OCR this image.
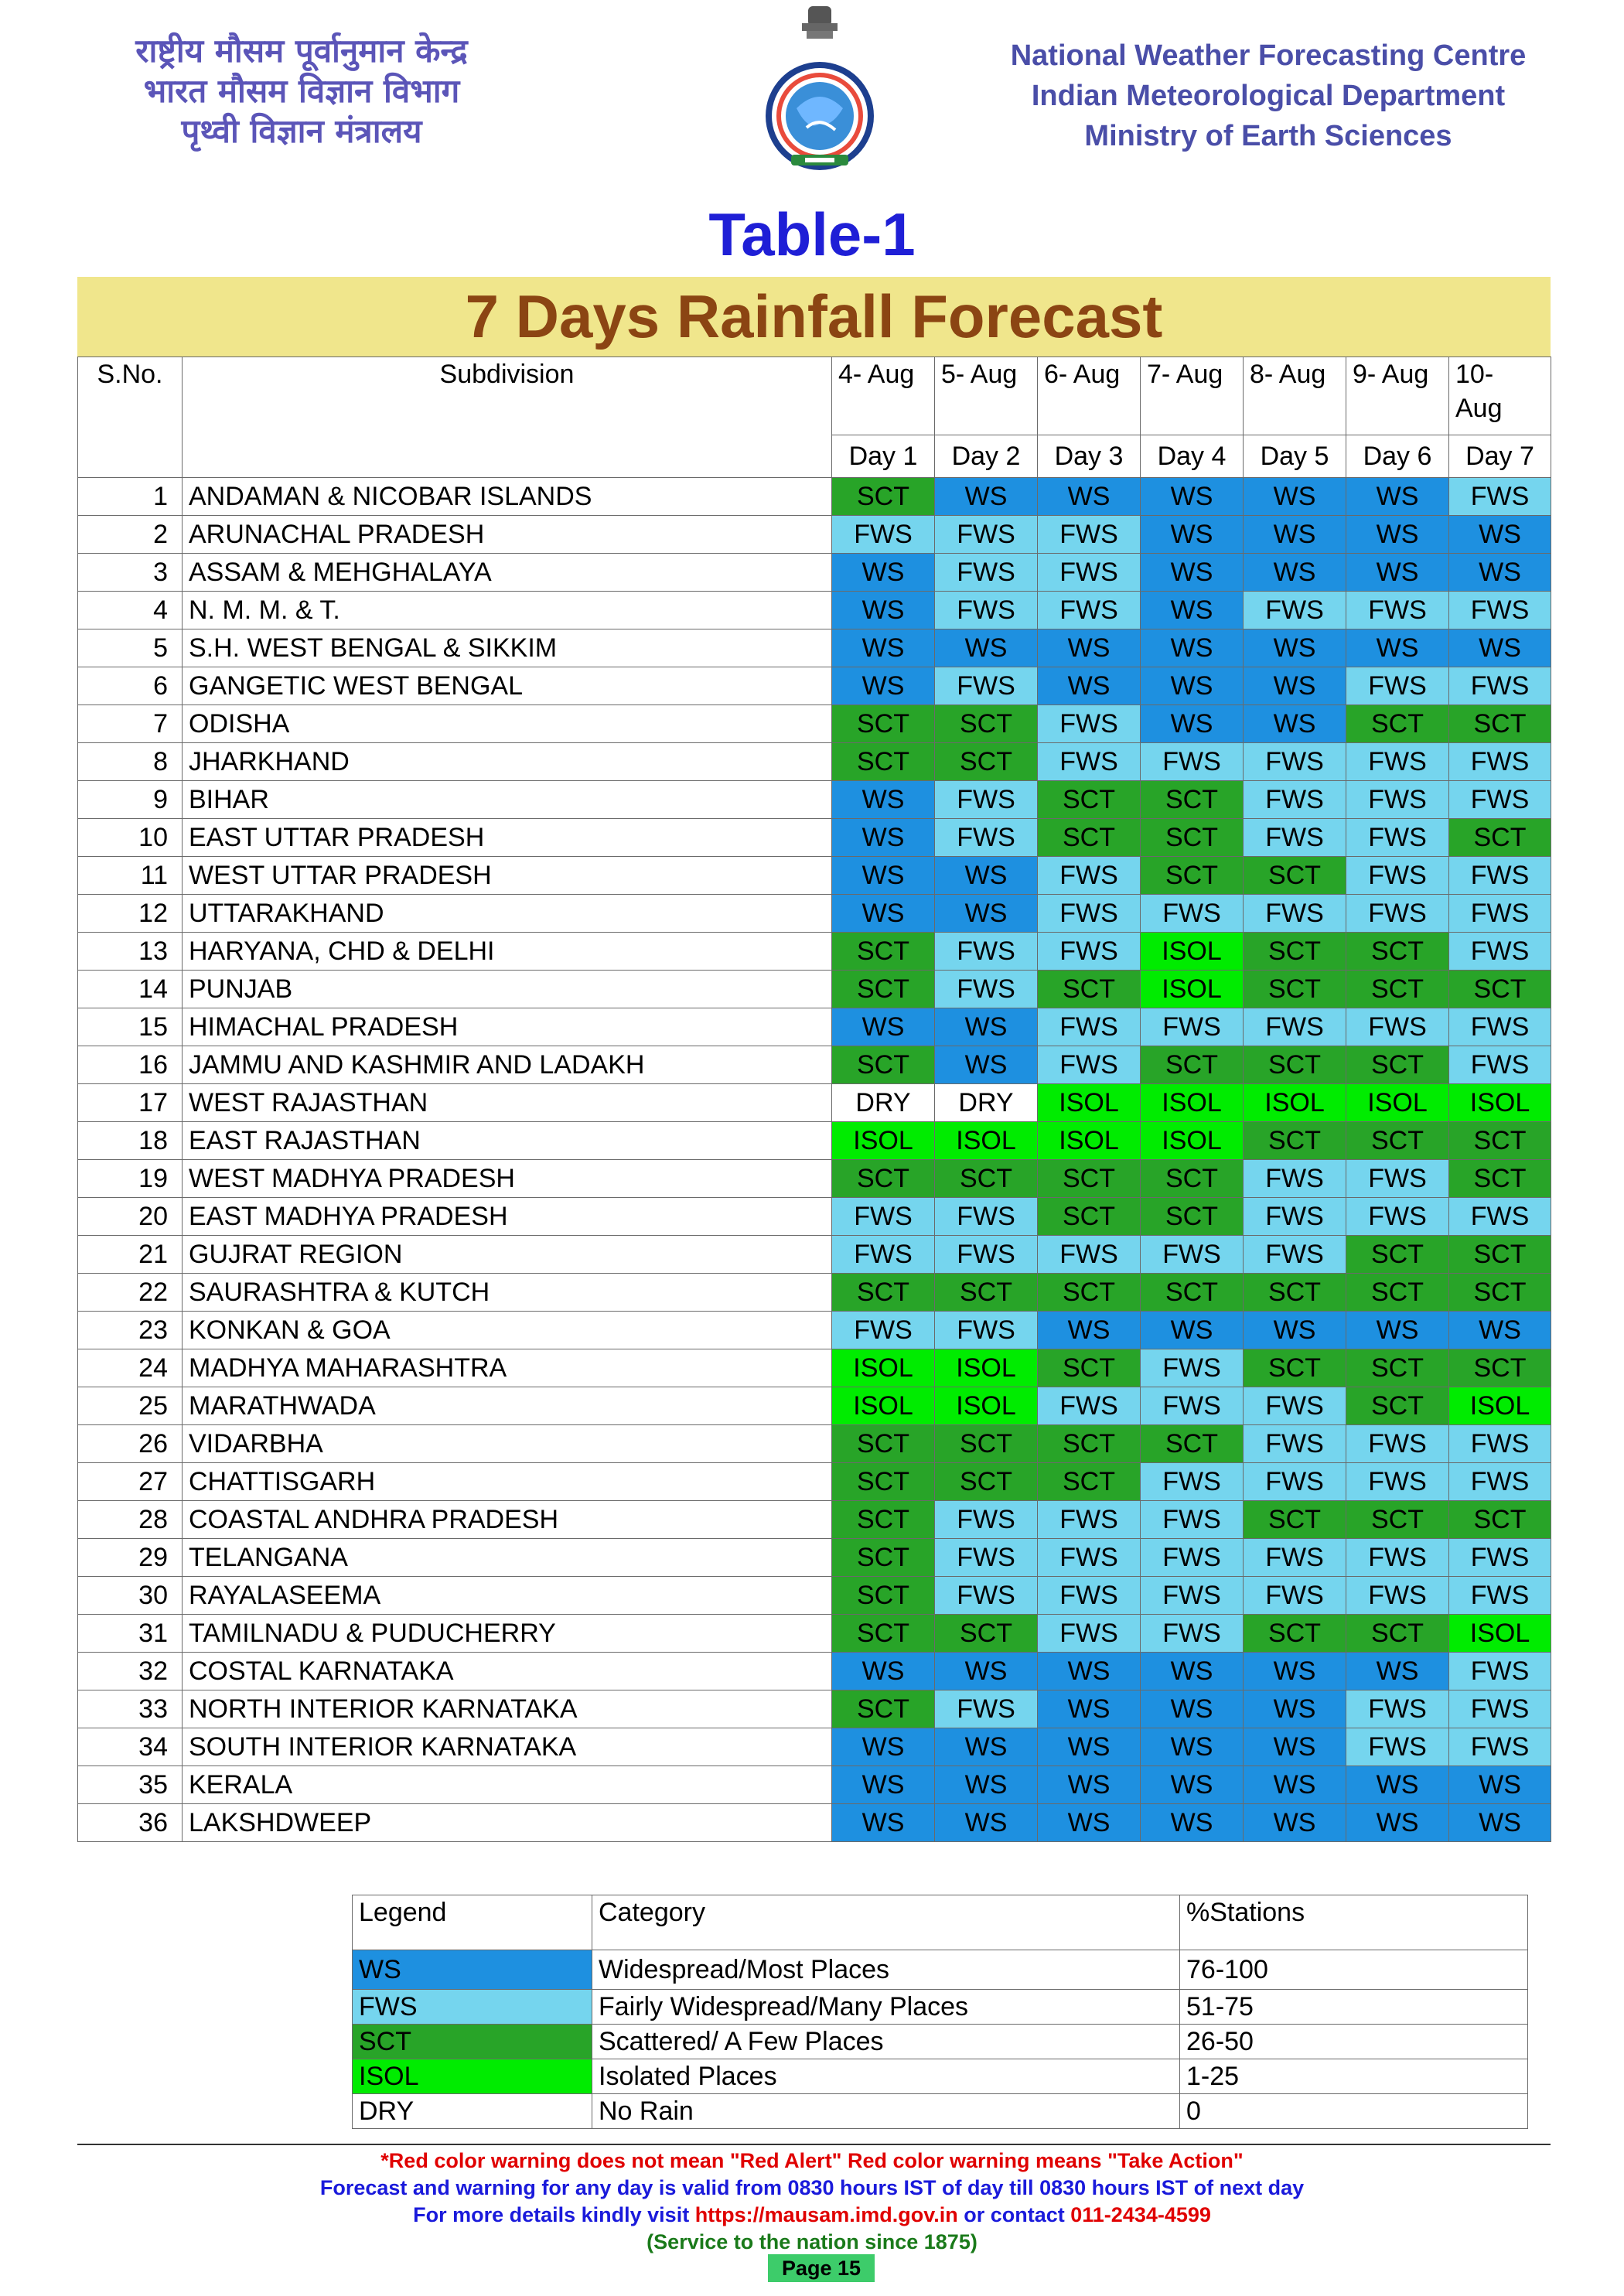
राष्ट्रीय मौसम पूर्वानुमान केन्द्र
भारत मौसम विज्ञान विभाग
पृथ्वी विज्ञान मंत्रालय
National Weather Forecasting Centre
Indian Meteorological Department
Ministry of Earth Sciences
Table-1
7 Days Rainfall Forecast
S.No.	Subdivision	4- Aug	5- Aug	6- Aug	7- Aug	8- Aug	9- Aug	10- Aug
		Day 1	Day 2	Day 3	Day 4	Day 5	Day 6	Day 7
1	ANDAMAN & NICOBAR ISLANDS	SCT	WS	WS	WS	WS	WS	FWS
2	ARUNACHAL PRADESH	FWS	FWS	FWS	WS	WS	WS	WS
3	ASSAM & MEHGHALAYA	WS	FWS	FWS	WS	WS	WS	WS
4	N. M. M. & T.	WS	FWS	FWS	WS	FWS	FWS	FWS
5	S.H. WEST BENGAL & SIKKIM	WS	WS	WS	WS	WS	WS	WS
6	GANGETIC WEST BENGAL	WS	FWS	WS	WS	WS	FWS	FWS
7	ODISHA	SCT	SCT	FWS	WS	WS	SCT	SCT
8	JHARKHAND	SCT	SCT	FWS	FWS	FWS	FWS	FWS
9	BIHAR	WS	FWS	SCT	SCT	FWS	FWS	FWS
10	EAST UTTAR PRADESH	WS	FWS	SCT	SCT	FWS	FWS	SCT
11	WEST UTTAR PRADESH	WS	WS	FWS	SCT	SCT	FWS	FWS
12	UTTARAKHAND	WS	WS	FWS	FWS	FWS	FWS	FWS
13	HARYANA, CHD & DELHI	SCT	FWS	FWS	ISOL	SCT	SCT	FWS
14	PUNJAB	SCT	FWS	SCT	ISOL	SCT	SCT	SCT
15	HIMACHAL PRADESH	WS	WS	FWS	FWS	FWS	FWS	FWS
16	JAMMU AND KASHMIR AND LADAKH	SCT	WS	FWS	SCT	SCT	SCT	FWS
17	WEST RAJASTHAN	DRY	DRY	ISOL	ISOL	ISOL	ISOL	ISOL
18	EAST RAJASTHAN	ISOL	ISOL	ISOL	ISOL	SCT	SCT	SCT
19	WEST MADHYA PRADESH	SCT	SCT	SCT	SCT	FWS	FWS	SCT
20	EAST MADHYA PRADESH	FWS	FWS	SCT	SCT	FWS	FWS	FWS
21	GUJRAT REGION	FWS	FWS	FWS	FWS	FWS	SCT	SCT
22	SAURASHTRA & KUTCH	SCT	SCT	SCT	SCT	SCT	SCT	SCT
23	KONKAN & GOA	FWS	FWS	WS	WS	WS	WS	WS
24	MADHYA MAHARASHTRA	ISOL	ISOL	SCT	FWS	SCT	SCT	SCT
25	MARATHWADA	ISOL	ISOL	FWS	FWS	FWS	SCT	ISOL
26	VIDARBHA	SCT	SCT	SCT	SCT	FWS	FWS	FWS
27	CHATTISGARH	SCT	SCT	SCT	FWS	FWS	FWS	FWS
28	COASTAL ANDHRA PRADESH	SCT	FWS	FWS	FWS	SCT	SCT	SCT
29	TELANGANA	SCT	FWS	FWS	FWS	FWS	FWS	FWS
30	RAYALASEEMA	SCT	FWS	FWS	FWS	FWS	FWS	FWS
31	TAMILNADU & PUDUCHERRY	SCT	SCT	FWS	FWS	SCT	SCT	ISOL
32	COSTAL KARNATAKA	WS	WS	WS	WS	WS	WS	FWS
33	NORTH INTERIOR KARNATAKA	SCT	FWS	WS	WS	WS	FWS	FWS
34	SOUTH INTERIOR KARNATAKA	WS	WS	WS	WS	WS	FWS	FWS
35	KERALA	WS	WS	WS	WS	WS	WS	WS
36	LAKSHDWEEP	WS	WS	WS	WS	WS	WS	WS
Legend	Category	%Stations
WS	Widespread/Most Places	76-100
FWS	Fairly Widespread/Many Places	51-75
SCT	Scattered/ A Few Places	26-50
ISOL	Isolated Places	1-25
DRY	No Rain	0
*Red color warning does not mean "Red Alert" Red color warning means "Take Action"
Forecast and warning for any day is valid from 0830 hours IST of day till 0830 hours IST of next day
For more details kindly visit https://mausam.imd.gov.in or contact 011-2434-4599
(Service to the nation since 1875)
Page 15
